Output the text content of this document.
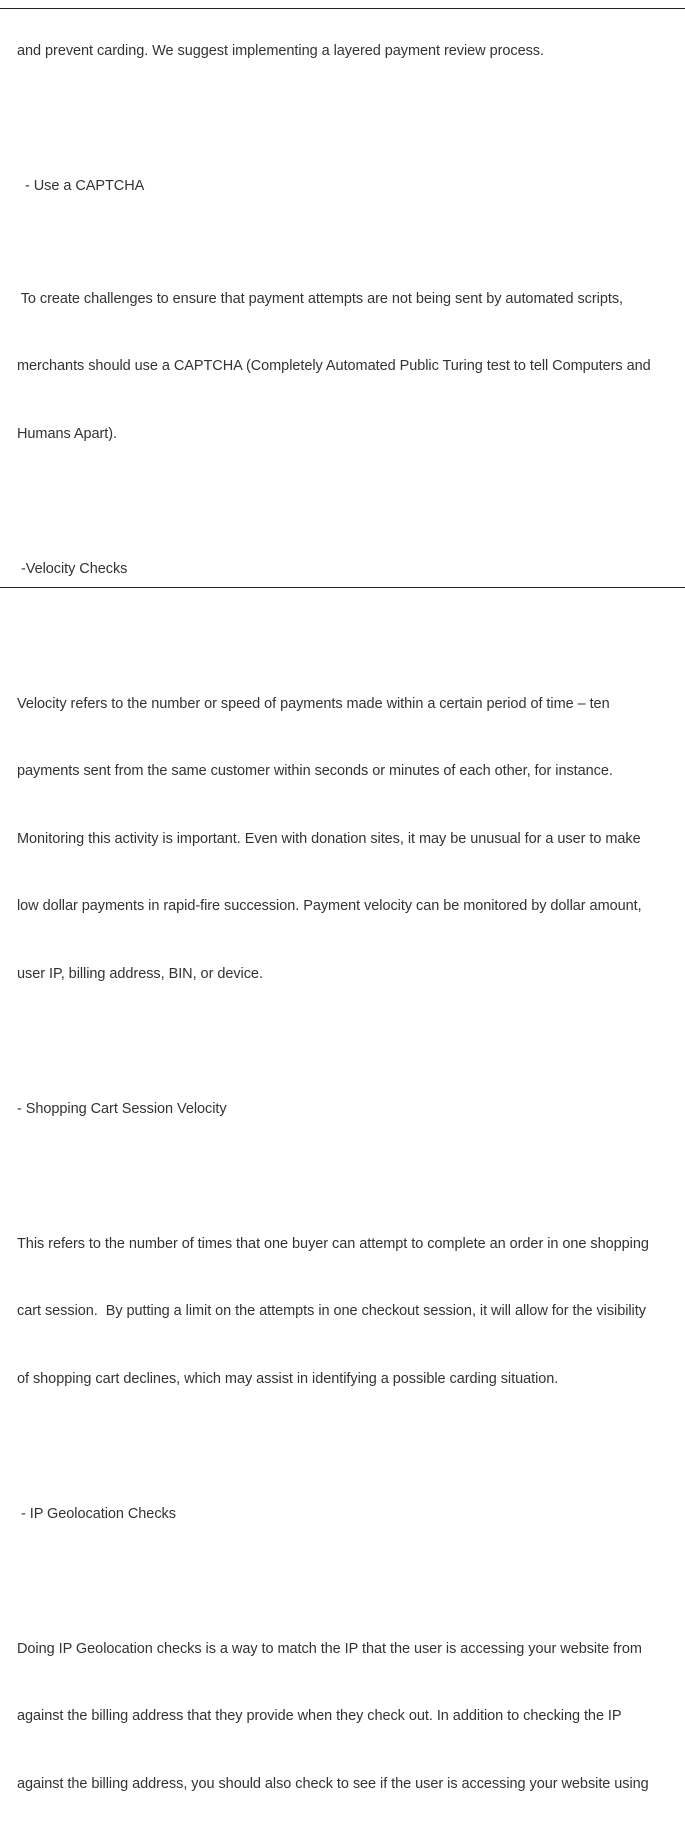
and prevent carding. We suggest implementing a layered payment review process.

- Use a CAPTCHA

To create challenges to ensure that payment attempts are not being sent by automated scripts,

merchants should use a CAPTCHA (Completely Automated Public Turing test to tell Computers and

Humans Apart).

-Velocity Checks

Velocity refers to the number or speed of payments made within a certain period of time – ten

payments sent from the same customer within seconds or minutes of each other, for instance.

Monitoring this activity is important. Even with donation sites, it may be unusual for a user to make

low dollar payments in rapid-fire succession. Payment velocity can be monitored by dollar amount,

user IP, billing address, BIN, or device.

- Shopping Cart Session Velocity

This refers to the number of times that one buyer can attempt to complete an order in one shopping

cart session.  By putting a limit on the attempts in one checkout session, it will allow for the visibility

of shopping cart declines, which may assist in identifying a possible carding situation.

- IP Geolocation Checks

Doing IP Geolocation checks is a way to match the IP that the user is accessing your website from

against the billing address that they provide when they check out. In addition to checking the IP

against the billing address, you should also check to see if the user is accessing your website using
